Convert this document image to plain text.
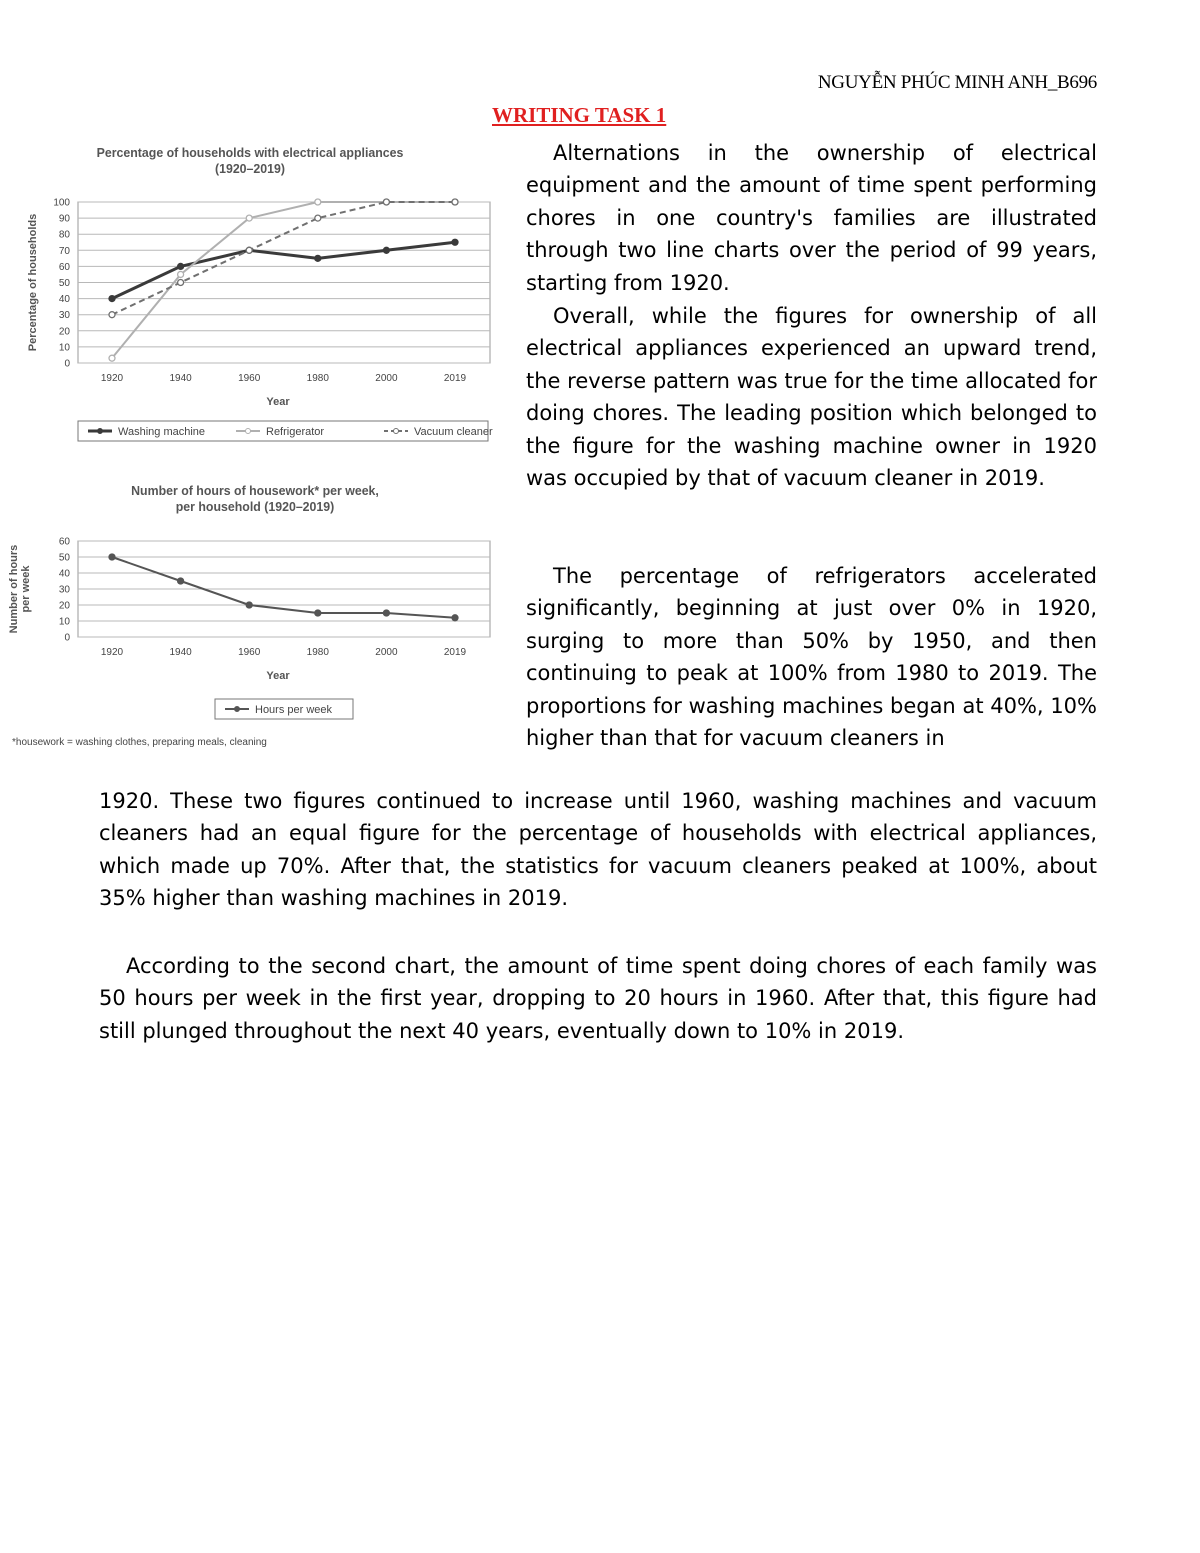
NGUYỄN PHÚC MINH ANH_B696
WRITING TASK 1
Percentage of households with electrical appliances
(1920–2019)
0
10
20
30
40
50
60
70
80
90
100
1920	1940	1960	1980	2000	2019
Year
Percentage of households
Washing machine	Refrigerator	Vacuum cleaner
Number of hours of housework* per week,
per household (1920–2019)
0
10
20
30
40
50
60
1920	1940	1960	1980	2000	2019
Year
Number of hours per week
Hours per week
*housework = washing clothes, preparing meals, cleaning

Alternations in the ownership of electrical equipment and the amount of time spent performing chores in one country's families are illustrated through two line charts over the period of 99 years, starting from 1920.

Overall, while the figures for ownership of all electrical appliances experienced an upward trend, the reverse pattern was true for the time allocated for doing chores. The leading position which belonged to the figure for the washing machine owner in 1920 was occupied by that of vacuum cleaner in 2019.

The percentage of refrigerators accelerated significantly, beginning at just over 0% in 1920, surging to more than 50% by 1950, and then continuing to peak at 100% from 1980 to 2019. The proportions for washing machines began at 40%, 10% higher than that for vacuum cleaners in

1920. These two figures continued to increase until 1960, washing machines and vacuum cleaners had an equal figure for the percentage of households with electrical appliances, which made up 70%. After that, the statistics for vacuum cleaners peaked at 100%, about 35% higher than washing machines in 2019.

According to the second chart, the amount of time spent doing chores of each family was 50 hours per week in the first year, dropping to 20 hours in 1960. After that, this figure had still plunged throughout the next 40 years, eventually down to 10% in 2019.
